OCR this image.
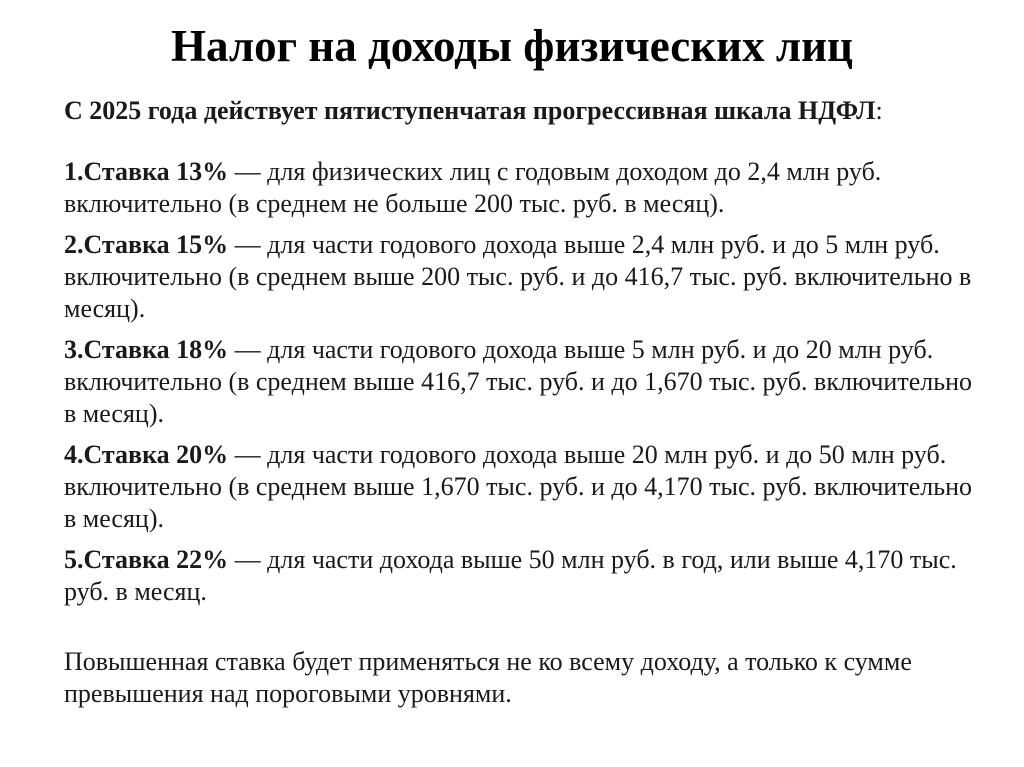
Налог на доходы физических лиц

С 2025 года действует пятиступенчатая прогрессивная шкала НДФЛ:

1.Ставка 13% — для физических лиц с годовым доходом до 2,4 млн руб. включительно (в среднем не больше 200 тыс. руб. в месяц).
2.Ставка 15% — для части годового дохода выше 2,4 млн руб. и до 5 млн руб. включительно (в среднем выше 200 тыс. руб. и до 416,7 тыс. руб. включительно в месяц).
3.Ставка 18% — для части годового дохода выше 5 млн руб. и до 20 млн руб. включительно (в среднем выше 416,7 тыс. руб. и до 1,670 тыс. руб. включительно в месяц).
4.Ставка 20% — для части годового дохода выше 20 млн руб. и до 50 млн руб. включительно (в среднем выше 1,670 тыс. руб. и до 4,170 тыс. руб. включительно в месяц).
5.Ставка 22% — для части дохода выше 50 млн руб. в год, или выше 4,170 тыс. руб. в месяц.

Повышенная ставка будет применяться не ко всему доходу, а только к сумме превышения над пороговыми уровнями.
